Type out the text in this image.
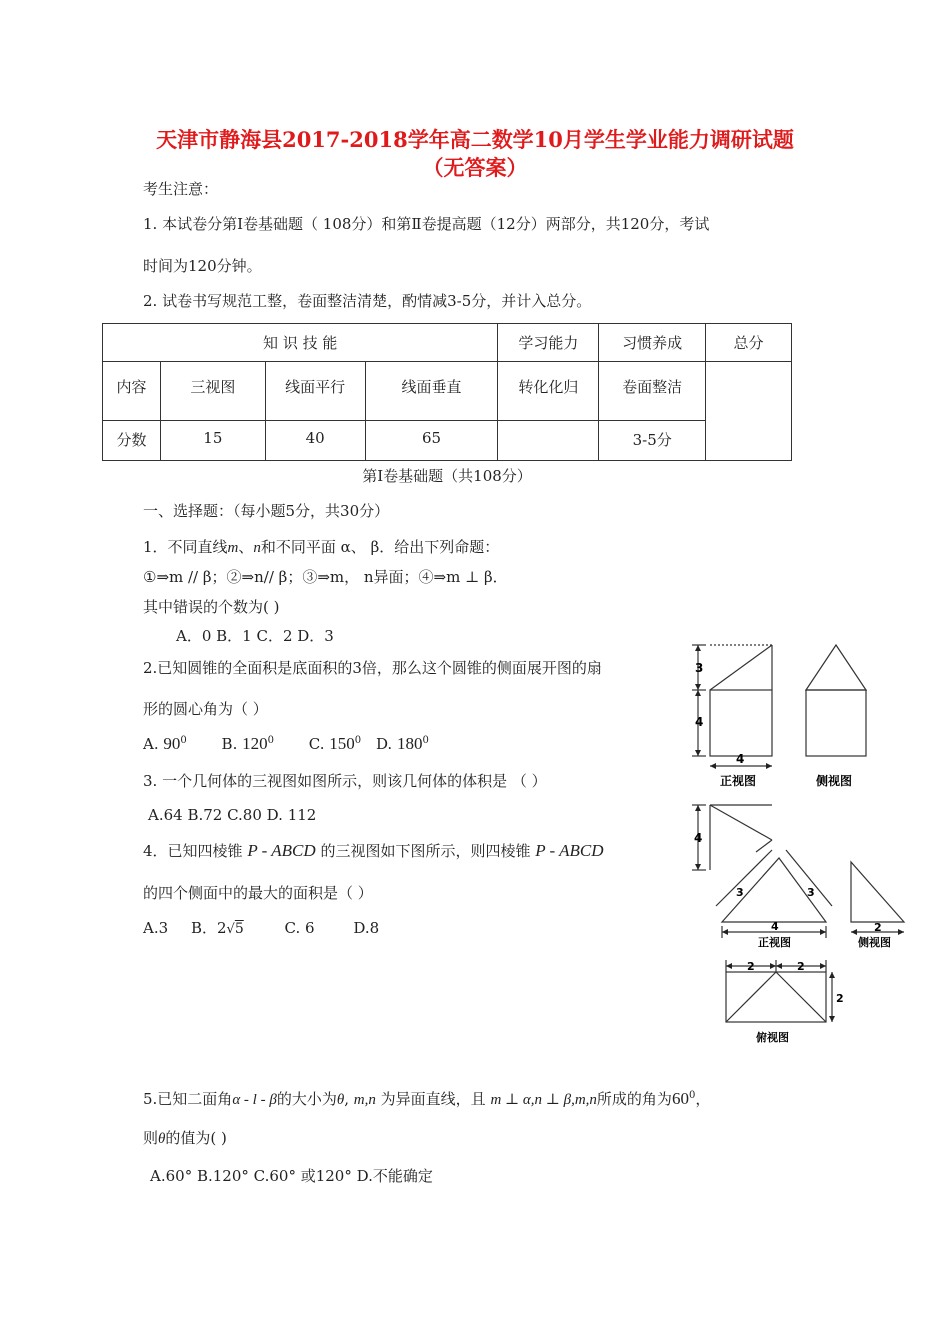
天津市静海县2017-2018学年高二数学10月学生学业能力调研试题
（无答案）
考生注意：
1. 本试卷分第Ⅰ卷基础题（ 108分）和第Ⅱ卷提高题（12分）两部分，共120分，考试
时间为120分钟。
2. 试卷书写规范工整，卷面整洁清楚，酌情减3-5分，并计入总分。
知 识 技 能				学习能力	习惯养成	总分
内容	三视图	线面平行	线面垂直	转化化归	卷面整洁	
分数	15	40	65		3-5分	
第Ⅰ卷基础题（共108分）
一、选择题：（每小题5分，共30分）
1．不同直线m、n和不同平面 α、 β．给出下列命题：
①⇒m // β；②⇒n// β；③⇒m， n异面；④⇒m ⊥ β．
其中错误的个数为( )
A．0 B．1 C．2 D．3
2.已知圆锥的全面积是底面积的3倍，那么这个圆锥的侧面展开图的扇
形的圆心角为（ ）
A. $90^0$ B. $120^0$ C. $150^0$ D. $180^0$
3. 一个几何体的三视图如图所示，则该几何体的体积是 （ ）
A.64 B.72 C.80 D. 112
4．已知四棱锥 P - ABCD 的三视图如下图所示，则四棱锥 P - ABCD
的四个侧面中的最大的面积是（ ）
A.3 B．2√5	C. 6	D.8
5.已知二面角α - l - β的大小为θ, m,n 为异面直线，且 m ⊥ α,n ⊥ β,m,n所成的角为$60^0$，
则θ的值为( )
A.60° B.120° C.60° 或120° D.不能确定
3
4
4
正视图	侧视图
4
3	3
4
正视图
2
侧视图
2	2
2
俯视图
